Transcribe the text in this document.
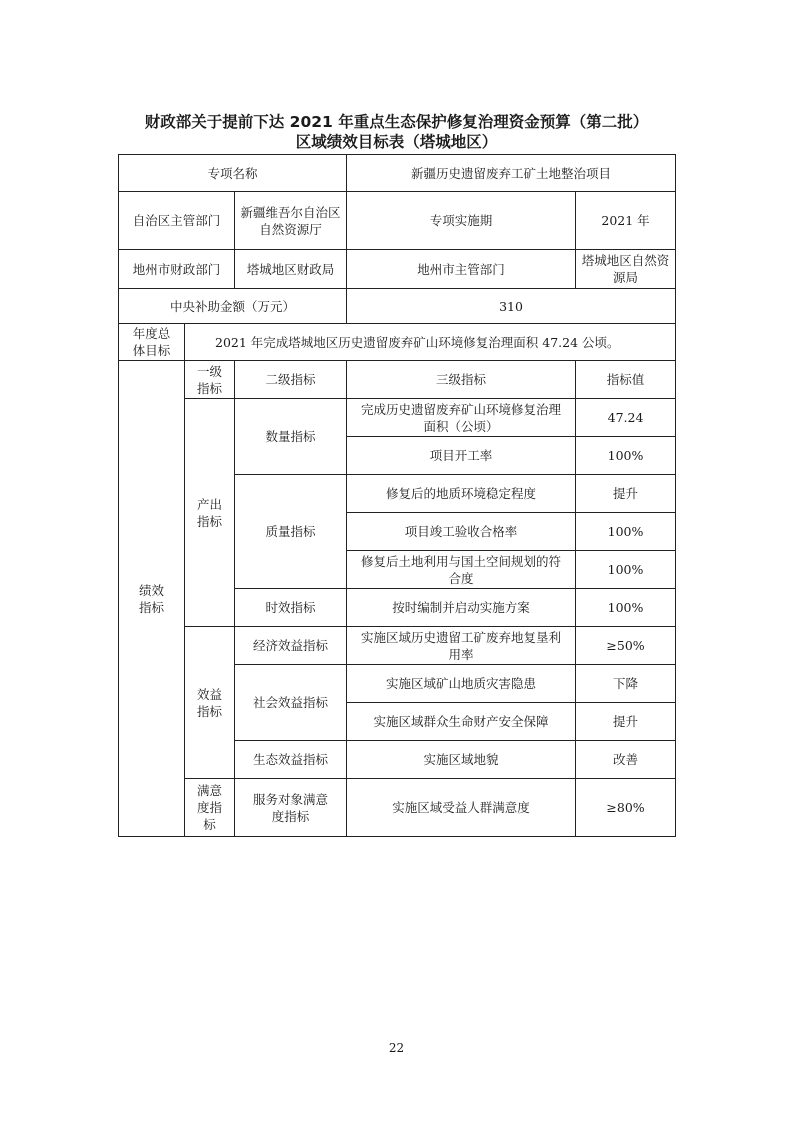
财政部关于提前下达 2021 年重点生态保护修复治理资金预算（第二批）
区域绩效目标表（塔城地区）
专项名称			新疆历史遗留废弃工矿土地整治项目	
自治区主管部门		新疆维吾尔自治区自然资源厅	专项实施期	2021 年
地州市财政部门		塔城地区财政局	地州市主管部门	塔城地区自然资源局
中央补助金额（万元）			310	
年度总体目标	2021 年完成塔城地区历史遗留废弃矿山环境修复治理面积 47.24 公顷。			
绩效指标	一级指标	二级指标	三级指标	指标值
	产出指标	数量指标	完成历史遗留废弃矿山环境修复治理面积（公顷）	47.24
			项目开工率	100%
		质量指标	修复后的地质环境稳定程度	提升
			项目竣工验收合格率	100%
			修复后土地利用与国土空间规划的符合度	100%
		时效指标	按时编制并启动实施方案	100%
	效益指标	经济效益指标	实施区域历史遗留工矿废弃地复垦利用率	≥50%
		社会效益指标	实施区域矿山地质灾害隐患	下降
			实施区域群众生命财产安全保障	提升
		生态效益指标	实施区域地貌	改善
	满意度指标	服务对象满意度指标	实施区域受益人群满意度	≥80%
22
